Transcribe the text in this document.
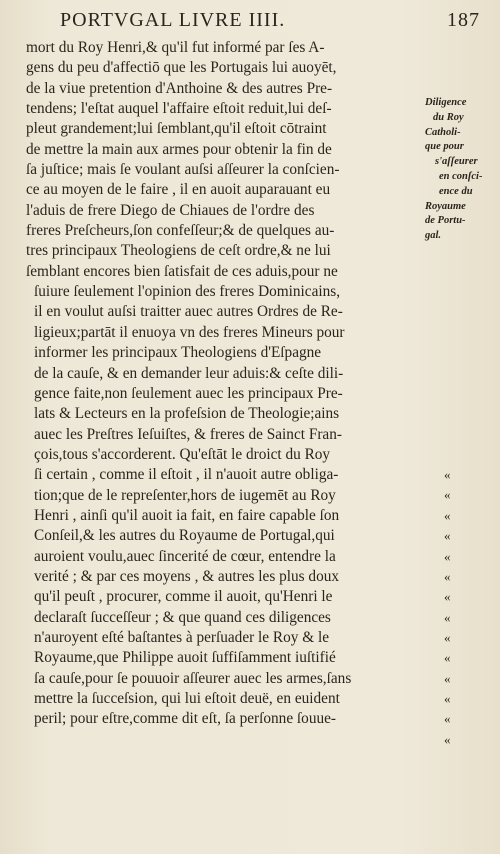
PORTVGAL LIVRE IIII.	187
mort du Roy Henri,& qu'il fut informé par ſes A-
gens du peu d'affectiō que les Portugais lui auoyēt,
de la viue pretention d'Anthoine & des autres Pre-
tendens; l'eſtat auquel l'affaire eſtoit reduit,lui deſ-
pleut grandement;lui ſemblant,qu'il eſtoit cōtraint
de mettre la main aux armes pour obtenir la fin de
ſa juſtice; mais ſe voulant auſsi aſſeurer la conſcien-
ce au moyen de le faire , il en auoit auparauant eu
l'aduis de frere Diego de Chiaues de l'ordre des
freres Preſcheurs,ſon confeſſeur;& de quelques au-
tres principaux Theologiens de ceſt ordre,& ne lui
ſemblant encores bien ſatisfait de ces aduis,pour ne
ſuiure ſeulement l'opinion des freres Dominicains,
il en voulut auſsi traitter auec autres Ordres de Re-
ligieux;partāt il enuoya vn des freres Mineurs pour
informer les principaux Theologiens d'Eſpagne
de la cauſe, & en demander leur aduis:& ceſte dili-
gence faite,non ſeulement auec les principaux Pre-
lats & Lecteurs en la profeſsion de Theologie;ains
auec les Preſtres Ieſuiſtes, & freres de Sainct Fran-
çois,tous s'accorderent. Qu'eſtāt le droict du Roy
ſi certain , comme il eſtoit , il n'auoit autre obliga-
tion;que de le repreſenter,hors de iugemēt au Roy
Henri , ainſi qu'il auoit ia fait, en faire capable ſon
Conſeil,& les autres du Royaume de Portugal,qui
auroient voulu,auec ſincerité de cœur, entendre la
verité ; & par ces moyens , & autres les plus doux
qu'il peuſt , procurer, comme il auoit, qu'Henri le
declaraſt ſucceſſeur ; & que quand ces diligences
n'auroyent eſté baſtantes à perſuader le Roy & le
Royaume,que Philippe auoit ſuffiſamment iuſtifié
ſa cauſe,pour ſe pouuoir aſſeurer auec les armes,ſans
mettre la ſucceſsion, qui lui eſtoit deuë, en euident
peril; pour eſtre,comme dit eſt, ſa perſonne ſouue-
«
«
«
«
«
«
«
«
«
«
«
«
«
«
Diligence
du Roy
Catholi-
que pour
s'aſſeurer
en conſci-
ence du
Royaume
de Portu-
gal.
